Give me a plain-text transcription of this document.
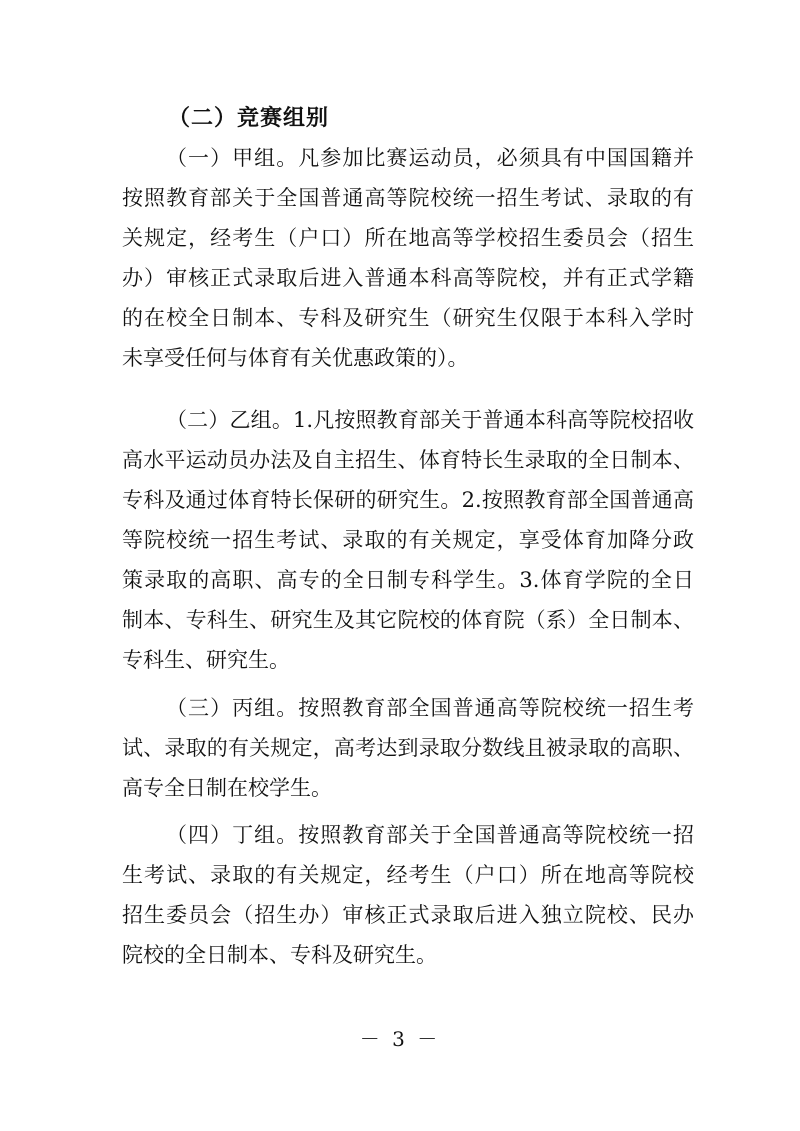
（二）竞赛组别
（一）甲组。凡参加比赛运动员，必须具有中国国籍并
按照教育部关于全国普通高等院校统一招生考试、录取的有
关规定，经考生（户口）所在地高等学校招生委员会（招生
办）审核正式录取后进入普通本科高等院校，并有正式学籍
的在校全日制本、专科及研究生（研究生仅限于本科入学时
未享受任何与体育有关优惠政策的）。
（二）乙组。1.凡按照教育部关于普通本科高等院校招收
高水平运动员办法及自主招生、体育特长生录取的全日制本、
专科及通过体育特长保研的研究生。2.按照教育部全国普通高
等院校统一招生考试、录取的有关规定，享受体育加降分政
策录取的高职、高专的全日制专科学生。3.体育学院的全日
制本、专科生、研究生及其它院校的体育院（系）全日制本、
专科生、研究生。
（三）丙组。按照教育部全国普通高等院校统一招生考
试、录取的有关规定，高考达到录取分数线且被录取的高职、
高专全日制在校学生。
（四）丁组。按照教育部关于全国普通高等院校统一招
生考试、录取的有关规定，经考生（户口）所在地高等院校
招生委员会（招生办）审核正式录取后进入独立院校、民办
院校的全日制本、专科及研究生。
－ 3 －
